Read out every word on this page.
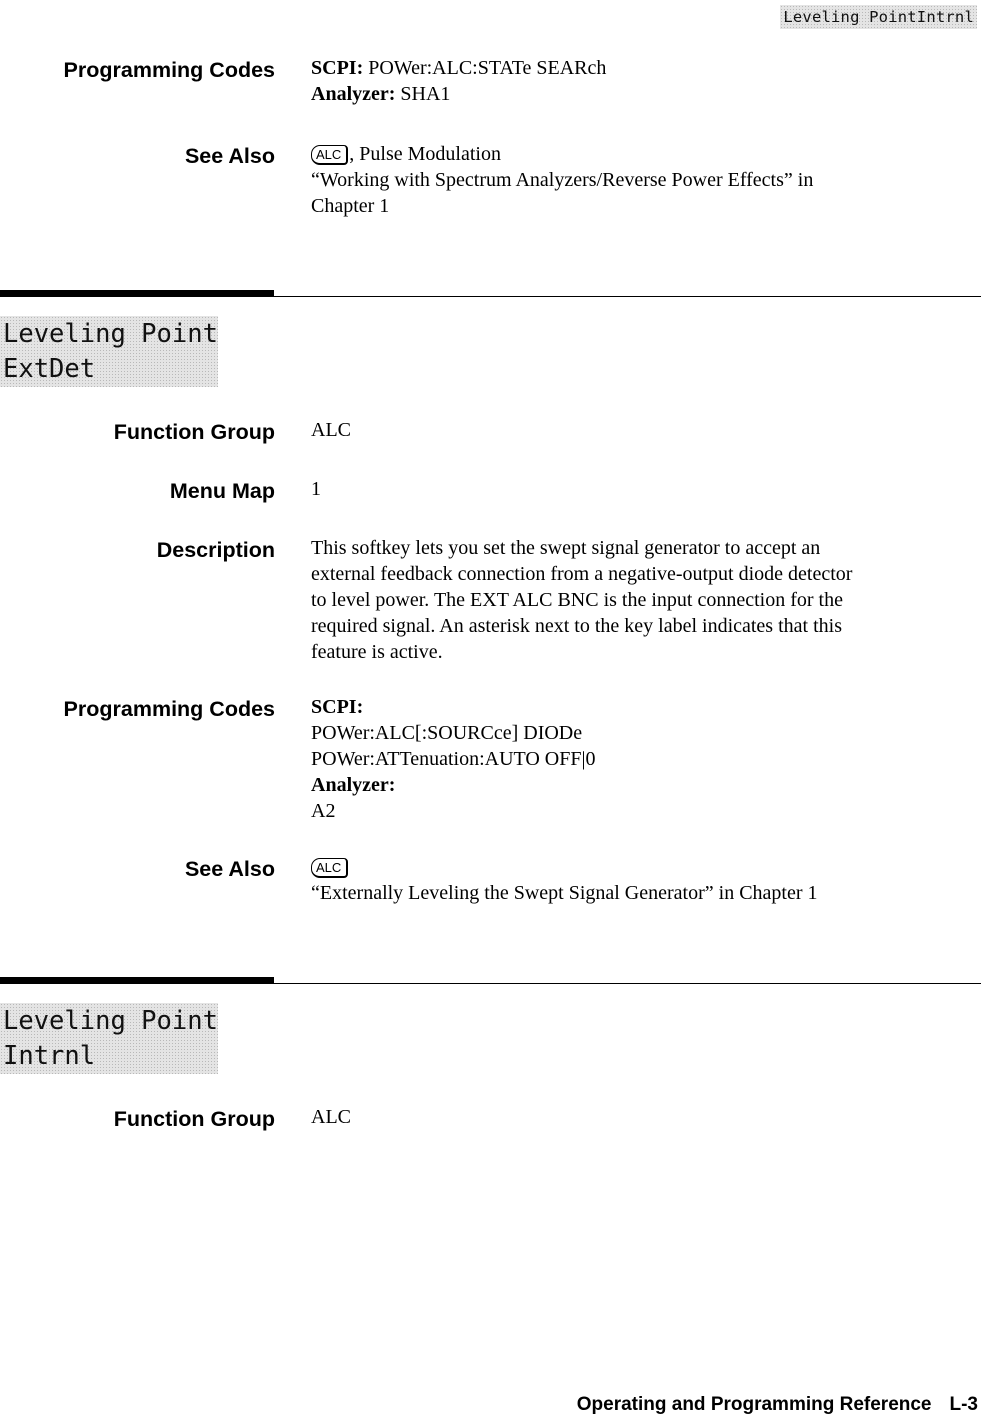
Leveling PointIntrnl
Programming Codes SCPI: POWer:ALC:STATe SEARch
Analyzer: SHA1
See Also	ALC , Pulse Modulation
“Working with Spectrum Analyzers/Reverse Power Effects” in
Chapter 1
Leveling Point
ExtDet
Function Group ALC
Menu Map 1
Description This softkey lets you set the swept signal generator to accept an
external feedback connection from a negative-output diode detector
to level power. The EXT ALC BNC is the input connection for the
required signal. An asterisk next to the key label indicates that this
feature is active.
Programming Codes SCPI:
POWer:ALC[:SOURCce] DIODe
POWer:ATTenuation:AUTO OFF|0
Analyzer:
A2
See Also	ALC
“Externally Leveling the Swept Signal Generator” in Chapter 1
Leveling Point
Intrnl
Function Group ALC
Operating and Programming Reference L-3
